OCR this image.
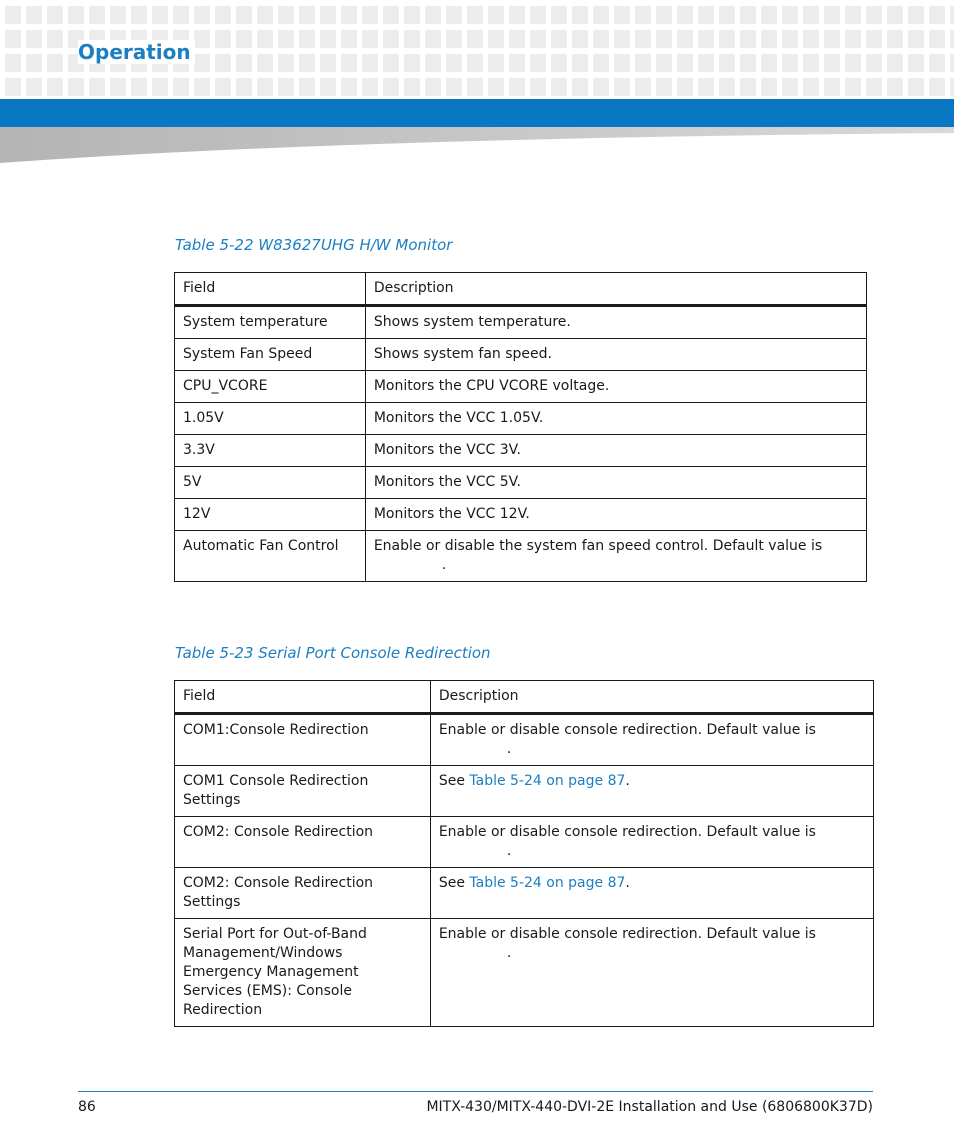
Operation

Table 5-22 W83627UHG H/W Monitor

Field	Description
System temperature	Shows system temperature.
System Fan Speed	Shows system fan speed.
CPU_VCORE	Monitors the CPU VCORE voltage.
1.05V	Monitors the VCC 1.05V.
3.3V	Monitors the VCC 3V.
5V	Monitors the VCC 5V.
12V	Monitors the VCC 12V.
Automatic Fan Control	Enable or disable the system fan speed control. Default value is
.

Table 5-23 Serial Port Console Redirection

Field	Description
COM1:Console Redirection	Enable or disable console redirection. Default value is
.

COM1 Console Redirection Settings	See Table 5-24 on page 87.
COM2: Console Redirection	Enable or disable console redirection. Default value is
.

COM2: Console Redirection Settings	See Table 5-24 on page 87.
Serial Port for Out-of-Band Management/Windows Emergency Management Services (EMS): Console Redirection	Enable or disable console redirection. Default value is
.
86	MITX-430/MITX-440-DVI-2E Installation and Use (6806800K37D)
